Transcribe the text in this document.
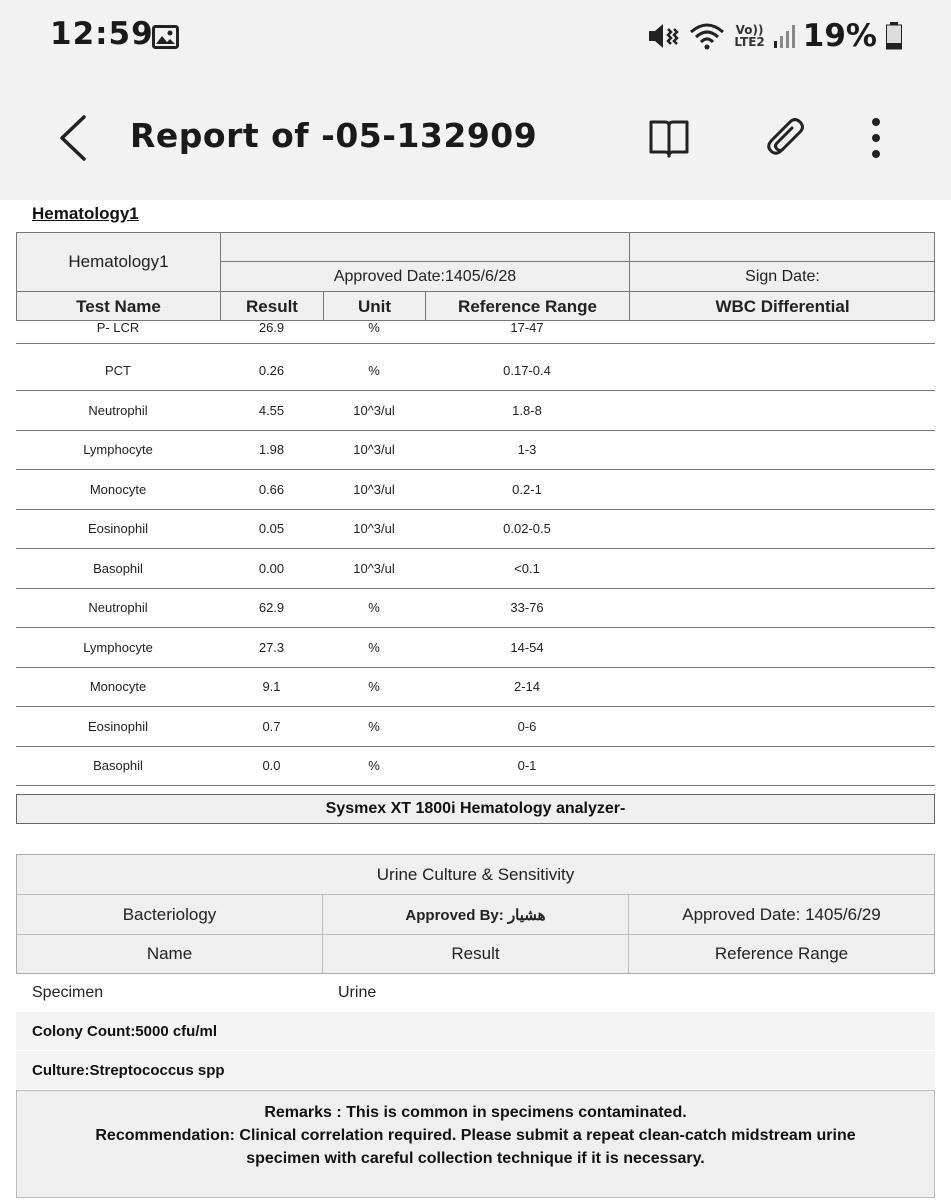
12:59	Vo))
LTE2 19%
Report of -05-132909
Hematology1
Hematology1
Approved Date:1405/6/28	Sign Date:
Test Name	Result	Unit	Reference Range	WBC Differential
P- LCR	26.9	%	17-47
PCT	0.26	%	0.17-0.4
Neutrophil	4.55	10^3/ul	1.8-8
Lymphocyte	1.98	10^3/ul	1-3
Monocyte	0.66	10^3/ul	0.2-1
Eosinophil	0.05	10^3/ul	0.02-0.5
Basophil	0.00	10^3/ul	<0.1
Neutrophil	62.9	%	33-76
Lymphocyte	27.3	%	14-54
Monocyte	9.1	%	2-14
Eosinophil	0.7	%	0-6
Basophil	0.0	%	0-1
Sysmex XT 1800i Hematology analyzer-
Urine Culture & Sensitivity
Bacteriology	Approved By: هشیار	Approved Date: 1405/6/29
Name	Result	Reference Range
Specimen	Urine
Colony Count:5000 cfu/ml
Culture:Streptococcus spp
Remarks : This is common in specimens contaminated.
Recommendation: Clinical correlation required. Please submit a repeat clean-catch midstream urine
specimen with careful collection technique if it is necessary.
